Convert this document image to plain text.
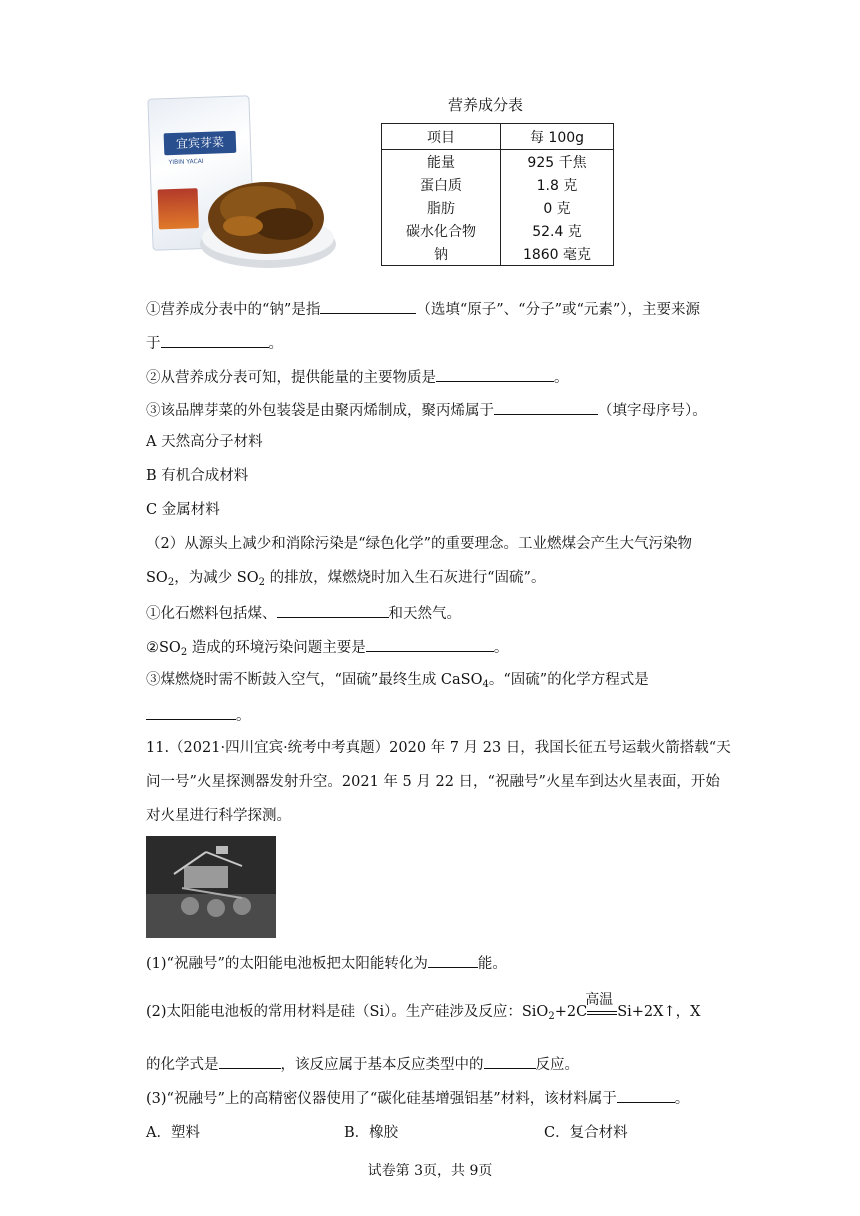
宜宾芽菜
YIBIN YACAI
营养成分表
项目	每 100g
能量	925 千焦
蛋白质	1.8 克
脂肪	0 克
碳水化合物	52.4 克
钠	1860 毫克
①营养成分表中的“钠”是指	（选填“原子”、“分子”或“元素”），主要来源
于	。
②从营养成分表可知，提供能量的主要物质是	。
③该品牌芽菜的外包装袋是由聚丙烯制成，聚丙烯属于	（填字母序号）。
A 天然高分子材料
B 有机合成材料
C 金属材料
（2）从源头上减少和消除污染是“绿色化学”的重要理念。工业燃煤会产生大气污染物
$SO_2$，为减少 $SO_2$ 的排放，煤燃烧时加入生石灰进行“固硫”。
①化石燃料包括煤、	和天然气。
$②SO_2$ 造成的环境污染问题主要是	。
③煤燃烧时需不断鼓入空气，“固硫”最终生成 CaSO$_4$。“固硫”的化学方程式是
。
11.（2021·四川宜宾·统考中考真题）2020 年 7 月 23 日，我国长征五号运载火箭搭载“天
问一号”火星探测器发射升空。2021 年 5 月 22 日，“祝融号”火星车到达火星表面，开始
对火星进行科学探测。
(1)“祝融号”的太阳能电池板把太阳能转化为	能。
(2)太阳能电池板的常用材料是硅（Si）。生产硅涉及反应：SiO$_2$+2C
高温
Si+2X↑，X
的化学式是	，该反应属于基本反应类型中的	反应。
(3)“祝融号”上的高精密仪器使用了“碳化硅基增强铝基”材料，该材料属于	。
A．塑料	B．橡胶	C．复合材料
试卷第 3页，共 9页
